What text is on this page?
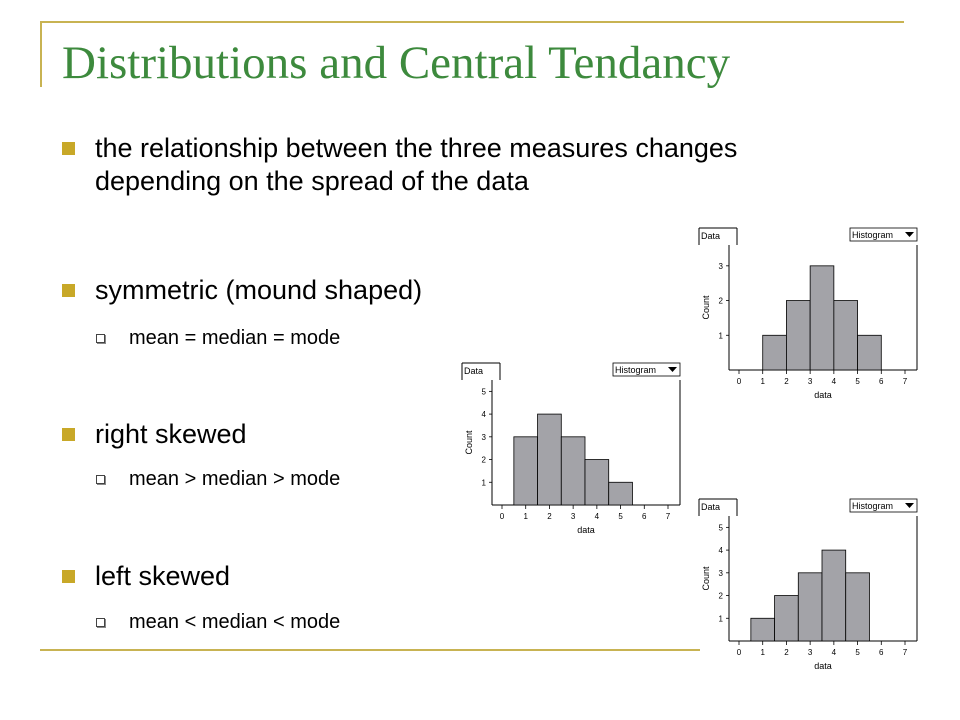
Distributions and Central Tendancy
the relationship between the three measures changes depending on the spread of the data
symmetric (mound shaped)
mean = median = mode
right skewed
mean > median > mode
left skewed
mean < median < mode
Data	Histogram
1
2
3
0 1 2 3 4 5 6 7
data
Count
Data	Histogram
1
2
3
4
5
0 1 2 3 4 5 6 7
data
Count
Data	Histogram
1
2
3
4
5
0 1 2 3 4 5 6 7
data
Count
